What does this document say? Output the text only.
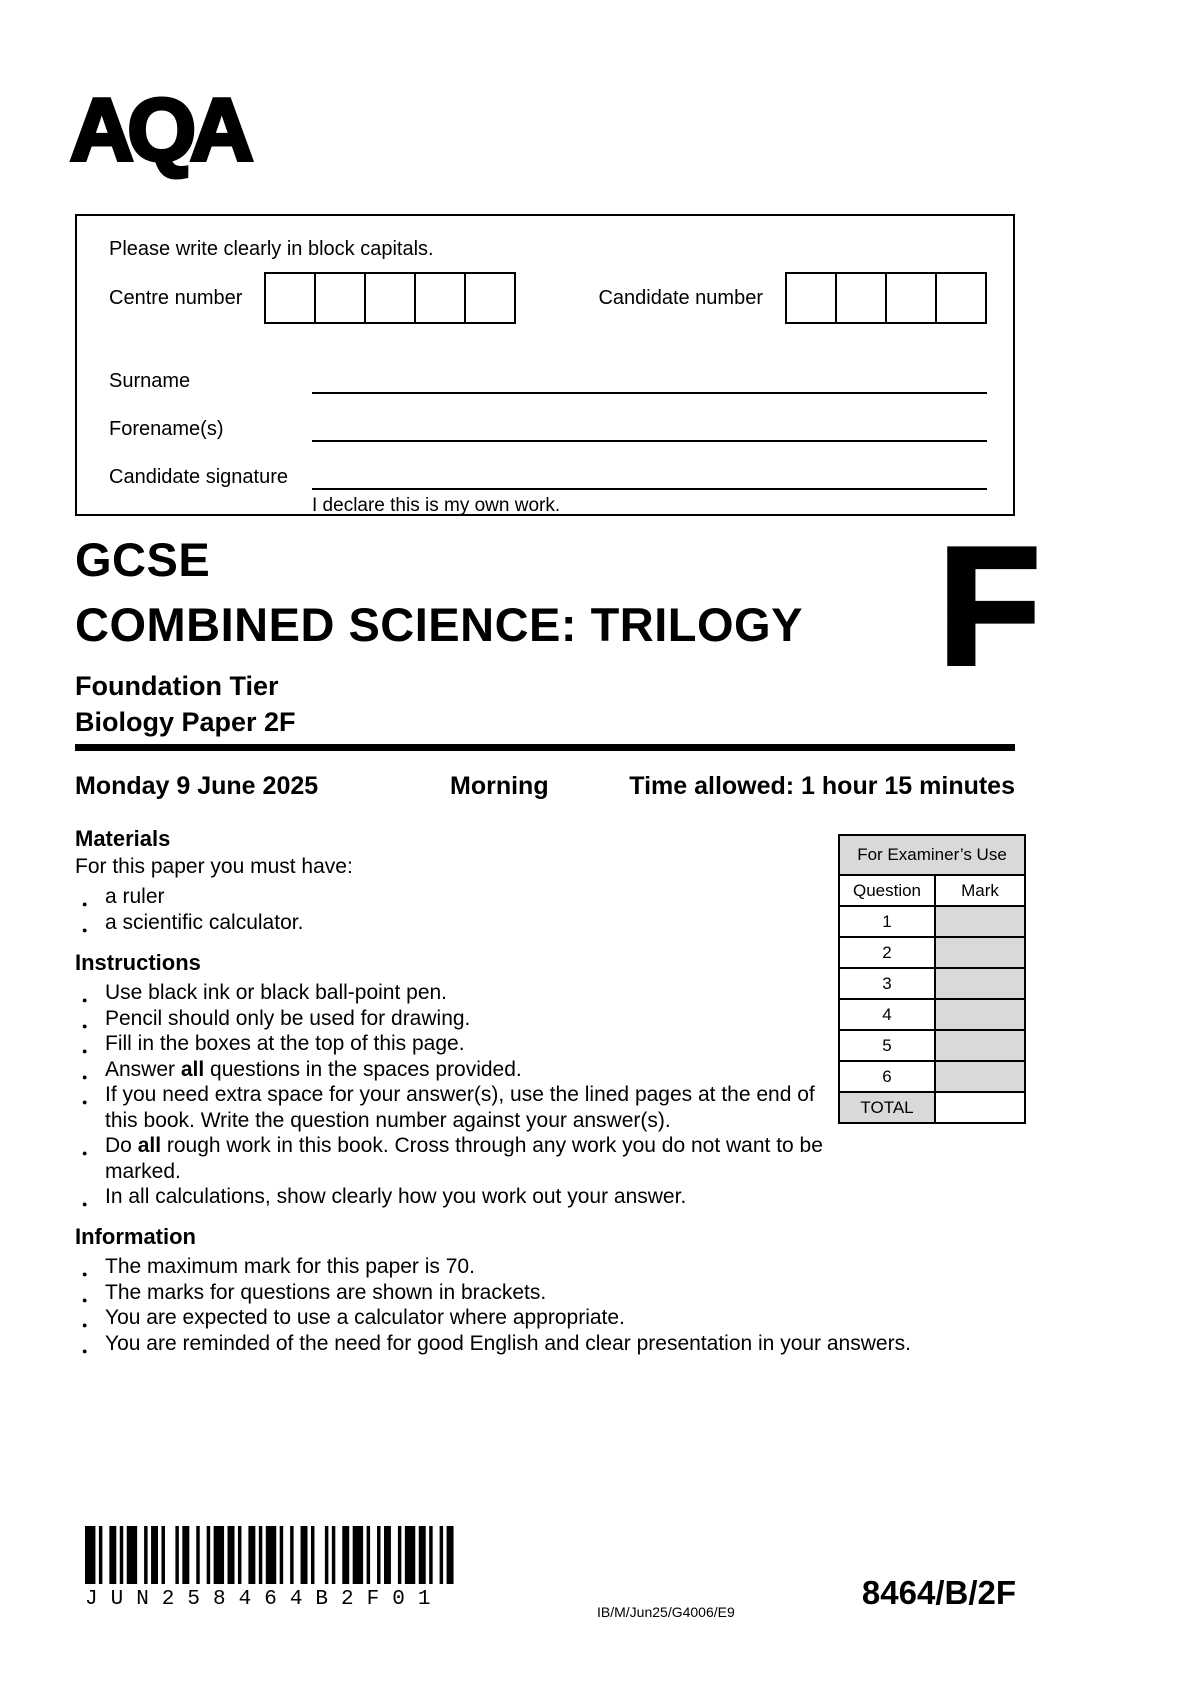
AQA
Please write clearly in block capitals.
Centre number	Candidate number
Surname
Forename(s)
Candidate signature
I declare this is my own work.
GCSE
COMBINED SCIENCE: TRILOGY F
Foundation Tier
Biology Paper 2F
Monday 9 June 2025	Morning	Time allowed: 1 hour 15 minutes
Materials

For this paper you must have:

● a ruler
● a scientific calculator.
For Examiner’s Use
Question	Mark
1	
2	
3	
4	
5	
6	
TOTAL	
Instructions
● Use black ink or black ball-point pen.
● Pencil should only be used for drawing.
● Fill in the boxes at the top of this page.
● Answer all questions in the spaces provided.
● If you need extra space for your answer(s), use the lined pages at the end of this book. Write the question number against your answer(s).
● Do all rough work in this book. Cross through any work you do not want to be marked.
● In all calculations, show clearly how you work out your answer.
Information
● The maximum mark for this paper is 70.
● The marks for questions are shown in brackets.
● You are expected to use a calculator where appropriate.
● You are reminded of the need for good English and clear presentation in your answers.
JUN258464B2F01
IB/M/Jun25/G4006/E9
8464/B/2F
